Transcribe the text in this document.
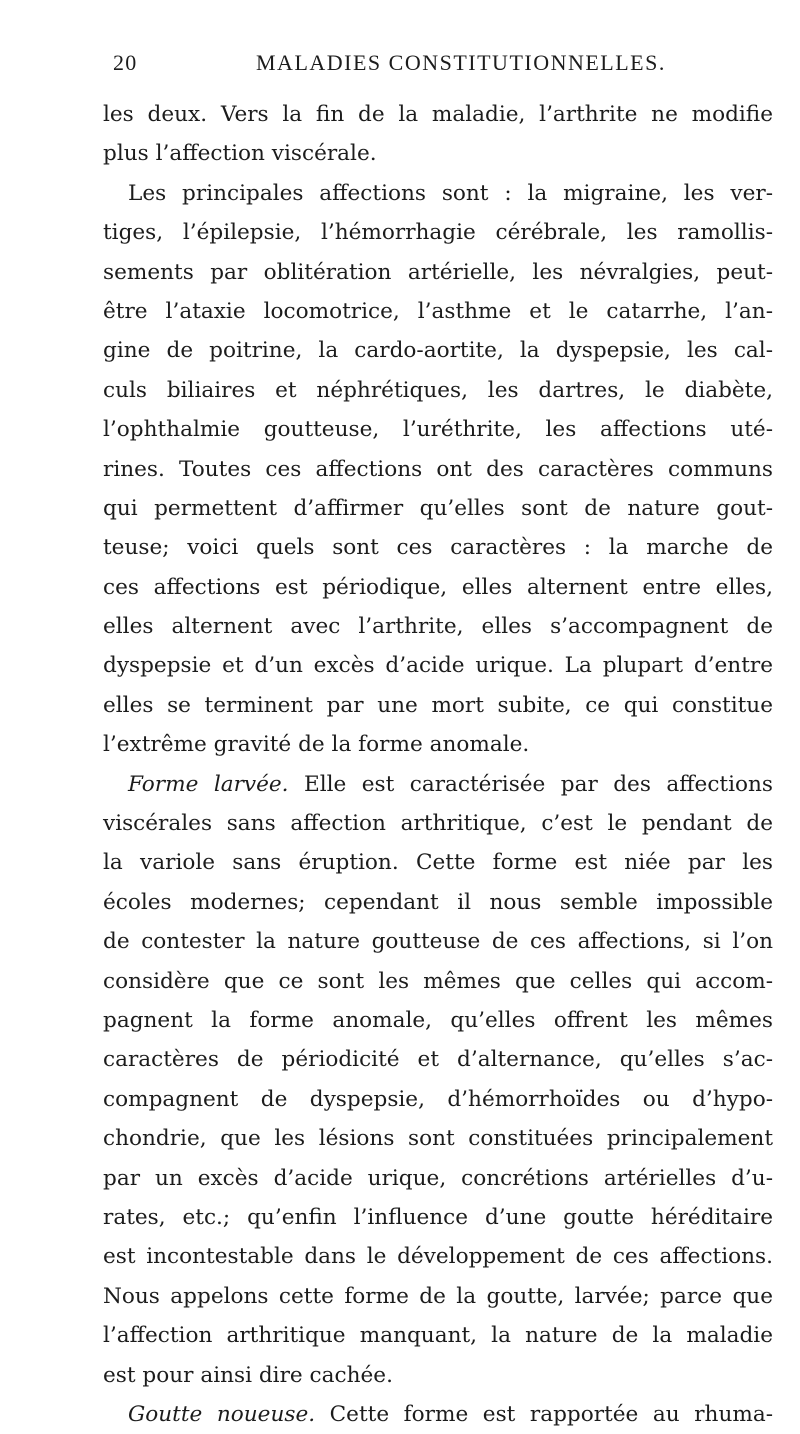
20	MALADIES CONSTITUTIONNELLES.
les deux. Vers la fin de la maladie, l’arthrite ne modifie
plus l’affection viscérale.
Les principales affections sont : la migraine, les ver-
tiges, l’épilepsie, l’hémorrhagie cérébrale, les ramollis-
sements par oblitération artérielle, les névralgies, peut-
être l’ataxie locomotrice, l’asthme et le catarrhe, l’an-
gine de poitrine, la cardo-aortite, la dyspepsie, les cal-
culs biliaires et néphrétiques, les dartres, le diabète,
l’ophthalmie goutteuse, l’uréthrite, les affections uté-
rines. Toutes ces affections ont des caractères communs
qui permettent d’affirmer qu’elles sont de nature gout-
teuse; voici quels sont ces caractères : la marche de
ces affections est périodique, elles alternent entre elles,
elles alternent avec l’arthrite, elles s’accompagnent de
dyspepsie et d’un excès d’acide urique. La plupart d’entre
elles se terminent par une mort subite, ce qui constitue
l’extrême gravité de la forme anomale.
Forme larvée. Elle est caractérisée par des affections
viscérales sans affection arthritique, c’est le pendant de
la variole sans éruption. Cette forme est niée par les
écoles modernes; cependant il nous semble impossible
de contester la nature goutteuse de ces affections, si l’on
considère que ce sont les mêmes que celles qui accom-
pagnent la forme anomale, qu’elles offrent les mêmes
caractères de périodicité et d’alternance, qu’elles s’ac-
compagnent de dyspepsie, d’hémorrhoïdes ou d’hypo-
chondrie, que les lésions sont constituées principalement
par un excès d’acide urique, concrétions artérielles d’u-
rates, etc.; qu’enfin l’influence d’une goutte héréditaire
est incontestable dans le développement de ces affections.
Nous appelons cette forme de la goutte, larvée; parce que
l’affection arthritique manquant, la nature de la maladie
est pour ainsi dire cachée.
Goutte noueuse. Cette forme est rapportée au rhuma-
